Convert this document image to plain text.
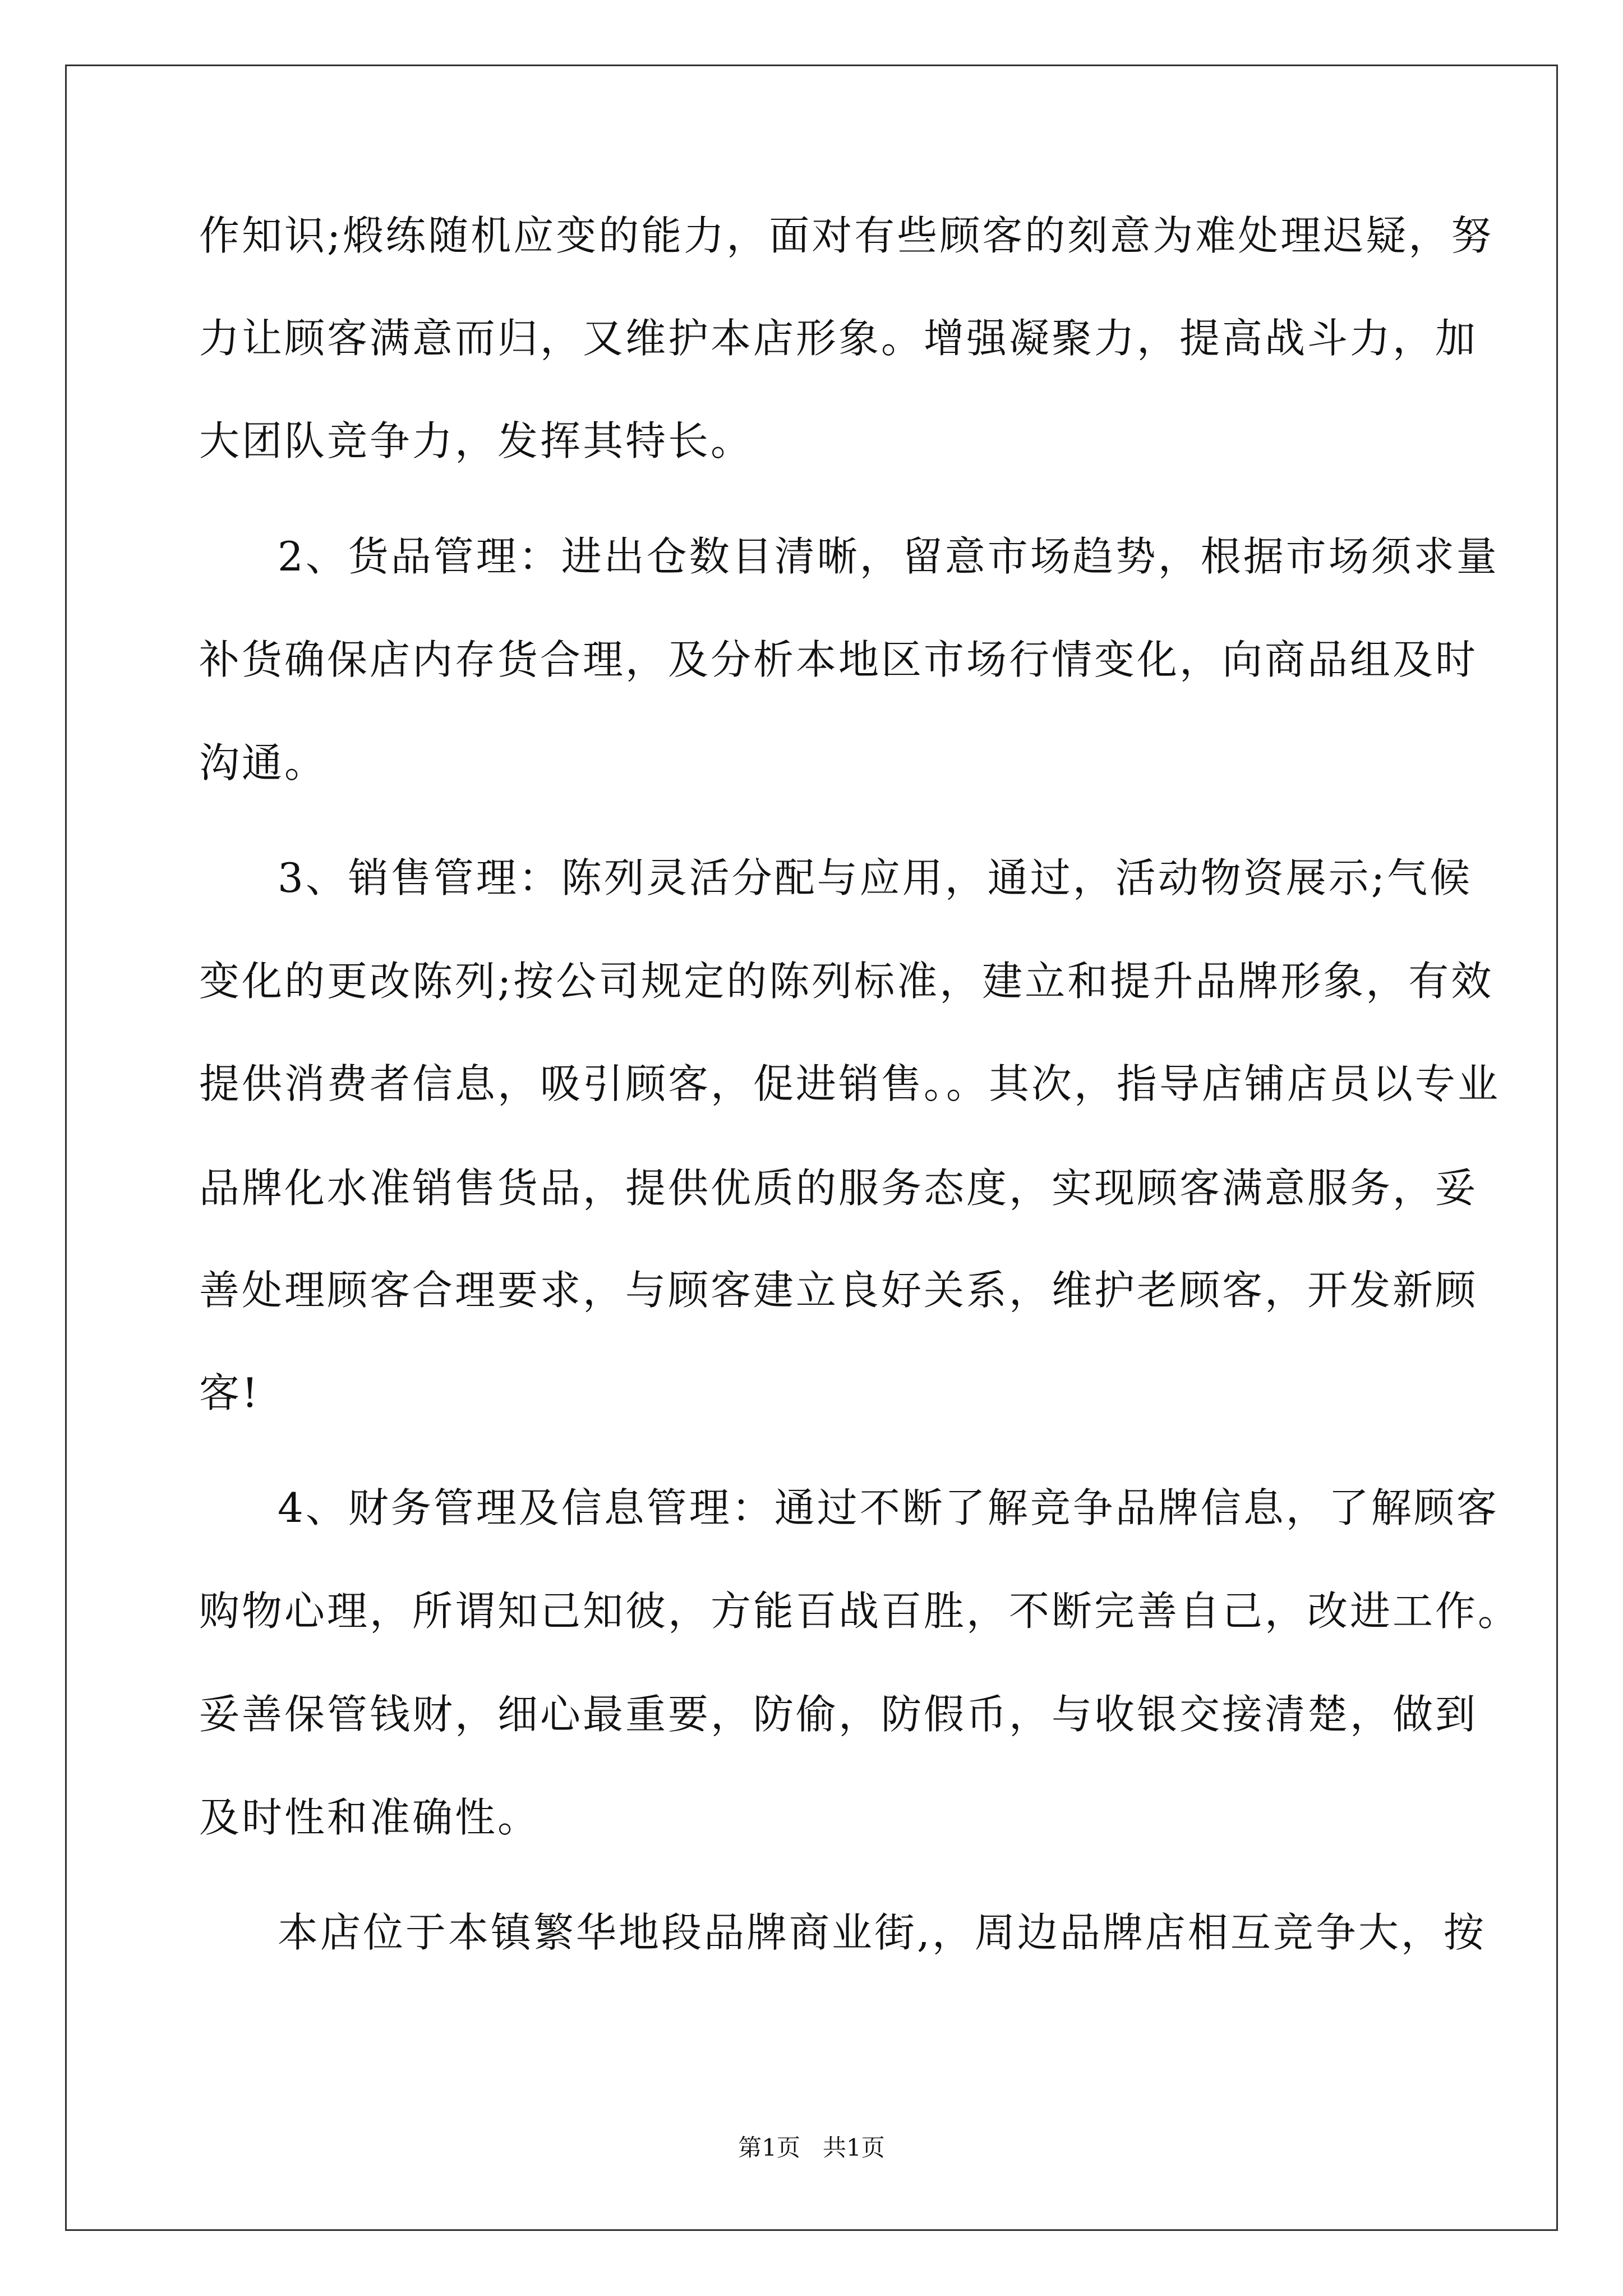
作知识;煅练随机应变的能力，面对有些顾客的刻意为难处理迟疑，努
力让顾客满意而归，又维护本店形象。增强凝聚力，提高战斗力，加
大团队竞争力，发挥其特长。
2、货品管理：进出仓数目清晰，留意市场趋势，根据市场须求量
补货确保店内存货合理，及分析本地区市场行情变化，向商品组及时
沟通。
3、销售管理：陈列灵活分配与应用，通过，活动物资展示;气候
变化的更改陈列;按公司规定的陈列标准，建立和提升品牌形象，有效
提供消费者信息，吸引顾客，促进销售。。其次，指导店铺店员以专业
品牌化水准销售货品，提供优质的服务态度，实现顾客满意服务，妥
善处理顾客合理要求，与顾客建立良好关系，维护老顾客，开发新顾
客!
4、财务管理及信息管理：通过不断了解竞争品牌信息，了解顾客
购物心理，所谓知己知彼，方能百战百胜，不断完善自己，改进工作。
妥善保管钱财，细心最重要，防偷，防假币，与收银交接清楚，做到
及时性和准确性。
本店位于本镇繁华地段品牌商业街,，周边品牌店相互竞争大，按
第1页   共1页
